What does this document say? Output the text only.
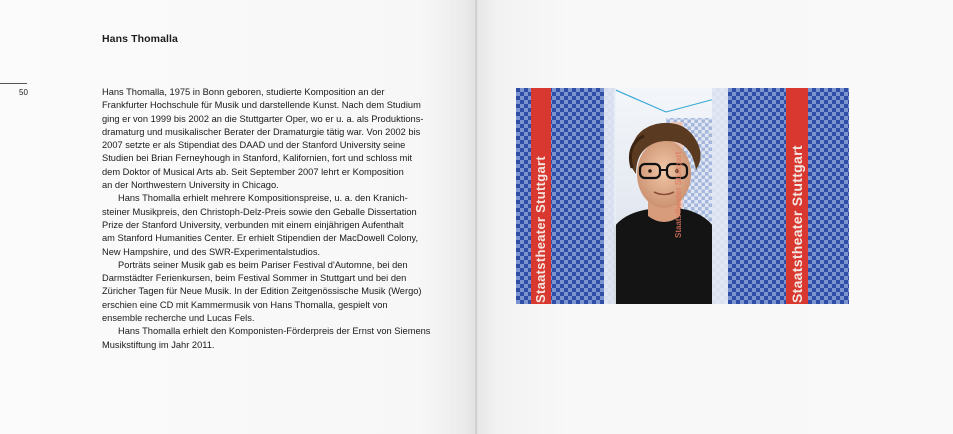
Hans Thomalla
50	Hans Thomalla, 1975 in Bonn geboren, studierte Komposition an der
Frankfurter Hochschule für Musik und darstellende Kunst. Nach dem Studium
ging er von 1999 bis 2002 an die Stuttgarter Oper, wo er u. a. als Produktions-
dramaturg und musikalischer Berater der Dramaturgie tätig war. Von 2002 bis
2007 setzte er als Stipendiat des DAAD und der Stanford University seine
Studien bei Brian Ferneyhough in Stanford, Kalifornien, fort und schloss mit
dem Doktor of Musical Arts ab. Seit September 2007 lehrt er Komposition
an der Northwestern University in Chicago.

Hans Thomalla erhielt mehrere Kompositionspreise, u. a. den Kranich-
steiner Musikpreis, den Christoph-Delz-Preis sowie den Geballe Dissertation
Prize der Stanford University, verbunden mit einem einjährigen Aufenthalt
am Stanford Humanities Center. Er erhielt Stipendien der MacDowell Colony,
New Hampshire, und des SWR-Experimentalstudios.

Porträts seiner Musik gab es beim Pariser Festival d'Automne, bei den
Darmstädter Ferienkursen, beim Festival Sommer in Stuttgart und bei den
Züricher Tagen für Neue Musik. In der Edition Zeitgenössische Musik (Wergo)
erschien eine CD mit Kammermusik von Hans Thomalla, gespielt von
ensemble recherche und Lucas Fels.

Hans Thomalla erhielt den Komponisten-Förderpreis der Ernst von Siemens
Musikstiftung im Jahr 2011.

Staatstheater Stuttgart	Staatstheater Stuttgart
Staatstheater Stuttgart
